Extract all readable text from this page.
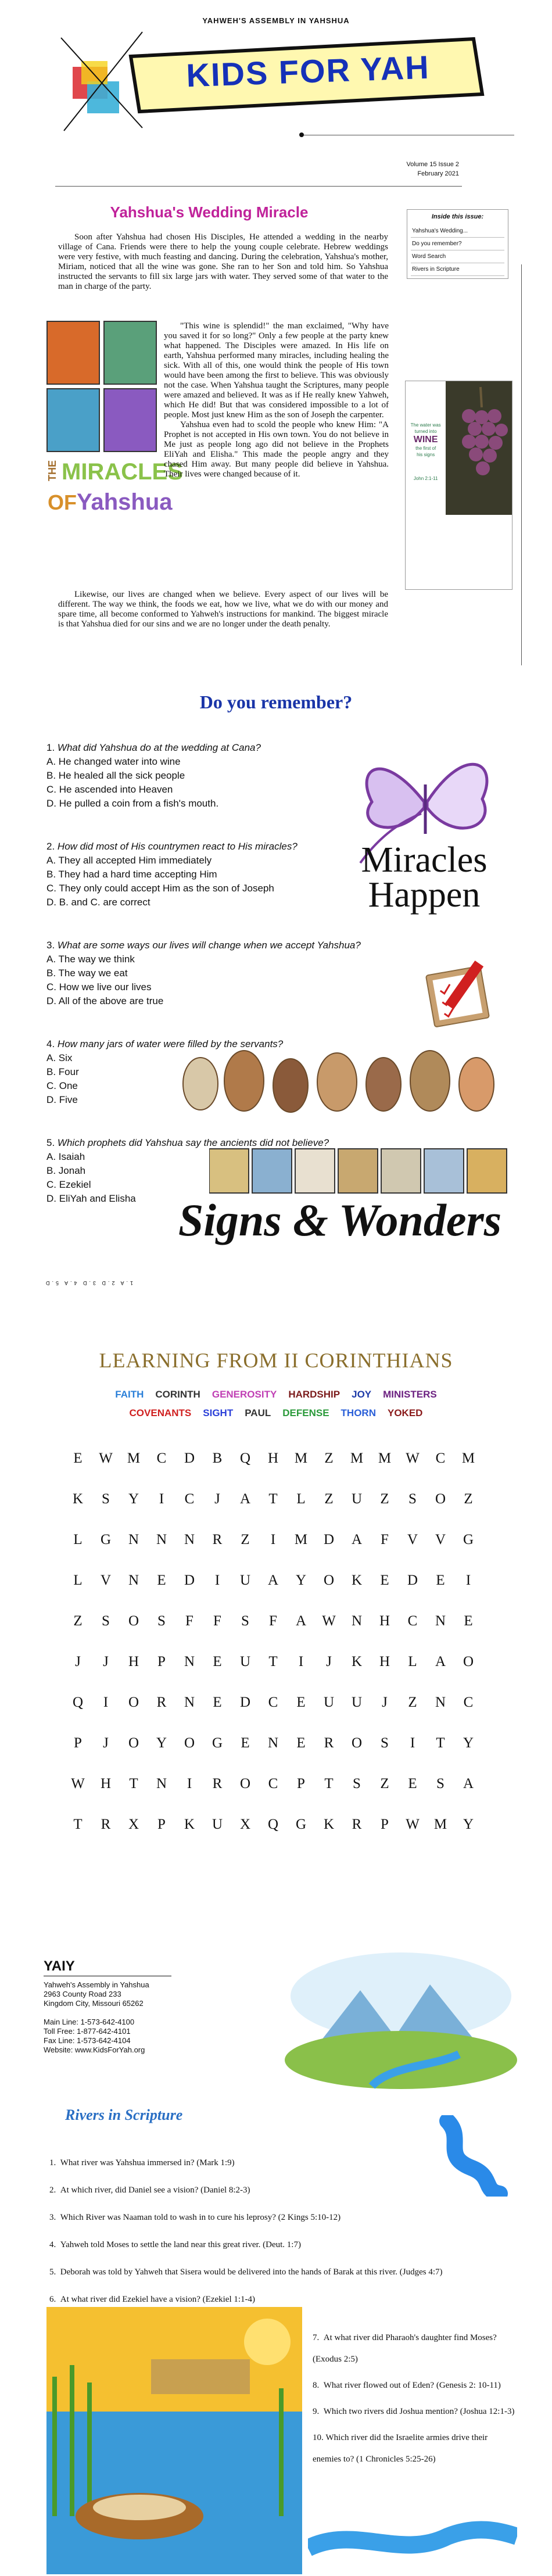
YAHWEH'S ASSEMBLY IN YAHSHUA
KIDS FOR YAH
Volume 15 Issue 2
February 2021
Yahshua's Wedding Miracle

Soon after Yahshua had chosen His Disciples, He attended a wedding in the nearby village of Cana. Friends were there to help the young couple celebrate. Hebrew weddings were very festive, with much feasting and dancing. During the celebration, Yahshua's mother, Miriam, noticed that all the wine was gone. She ran to her Son and told him. So Yahshua instructed the servants to fill six large jars with water. They served some of that water to the man in charge of the party.

THE MIRACLES
OF Yahshua

"This wine is splendid!" the man exclaimed, "Why have you saved it for so long?" Only a few people at the party knew what happened. The Disciples were amazed. In His life on earth, Yahshua performed many miracles, including healing the sick. With all of this, one would think the people of His town would have been among the first to believe. This was obviously not the case. When Yahshua taught the Scriptures, many people were amazed and believed. It was as if He really knew Yahweh, which He did! But that was considered impossible to a lot of people. Most just knew Him as the son of Joseph the carpenter.

Yahshua even had to scold the people who knew Him: "A Prophet is not accepted in His own town. You do not believe in Me just as people long ago did not believe in the Prophets EliYah and Elisha." This made the people angry and they chased Him away. But many people did believe in Yahshua. Their lives were changed because of it.

Likewise, our lives are changed when we believe. Every aspect of our lives will be different. The way we think, the foods we eat, how we live, what we do with our money and spare time, all become conformed to Yahweh's instructions for mankind. The biggest miracle is that Yahshua died for our sins and we are no longer under the death penalty.

Inside this issue:
Yahshua's Wedding...
Do you remember?
Word Search
Rivers in Scripture
The water was
turned into
WINE
the first of
his signs
John 2:1-11
Do you remember?
1. What did Yahshua do at the wedding at Cana?
A. He changed water into wine
B. He healed all the sick people
C. He ascended into Heaven
D. He pulled a coin from a fish's mouth.
2. How did most of His countrymen react to His miracles?
A. They all accepted Him immediately
B. They had a hard time accepting Him
C. They only could accept Him as the son of Joseph
D. B. and C. are correct
3. What are some ways our lives will change when we accept Yahshua?
A. The way we think
B. The way we eat
C. How we live our lives
D. All of the above are true
4. How many jars of water were filled by the servants?
A. Six
B. Four
C. One
D. Five
5. Which prophets did Yahshua say the ancients did not believe?
A. Isaiah
B. Jonah
C. Ezekiel
D. EliYah and Elisha
1.A 2.D 3.D 4.A 5.D
Miracles
Happen
Signs & Wonders
LEARNING FROM II CORINTHIANS
FAITH CORINTH GENEROSITY HARDSHIP JOY MINISTERS
COVENANTS SIGHT PAUL DEFENSE THORN YOKED
E	W	M	C	D	B	Q	H	M	Z	M	M	W	C	M
K	S	Y	I	C	J	A	T	L	Z	U	Z	S	O	Z
L	G	N	N	N	R	Z	I	M	D	A	F	V	V	G
L	V	N	E	D	I	U	A	Y	O	K	E	D	E	I
Z	S	O	S	F	F	S	F	A	W	N	H	C	N	E
J	J	H	P	N	E	U	T	I	J	K	H	L	A	O
Q	I	O	R	N	E	D	C	E	U	U	J	Z	N	C
P	J	O	Y	O	G	E	N	E	R	O	S	I	T	Y
W	H	T	N	I	R	O	C	P	T	S	Z	E	S	A
T	R	X	P	K	U	X	Q	G	K	R	P	W	M	Y
YAIY
Yahweh's Assembly in Yahshua
2963 County Road 233
Kingdom City, Missouri 65262

Main Line: 1-573-642-4100
Toll Free: 1-877-642-4101
Fax Line: 1-573-642-4104
Website: www.KidsForYah.org
Rivers in Scripture
1.  What river was Yahshua immersed in? (Mark 1:9)
2.  At which river, did Daniel see a vision? (Daniel 8:2-3)
3.  Which River was Naaman told to wash in to cure his leprosy? (2 Kings 5:10-12)
4.  Yahweh told Moses to settle the land near this great river. (Deut. 1:7)
5.  Deborah was told by Yahweh that Sisera would be delivered into the hands of Barak at this river. (Judges 4:7)
6.  At what river did Ezekiel have a vision? (Ezekiel 1:1-4)
7.  At what river did Pharaoh's daughter find Moses? (Exodus 2:5)
8.  What river flowed out of Eden? (Genesis 2: 10-11)
9.  Which two rivers did Joshua mention? (Joshua 12:1-3)
10. Which river did the Israelite armies drive their enemies to? (1 Chronicles 5:25-26)
